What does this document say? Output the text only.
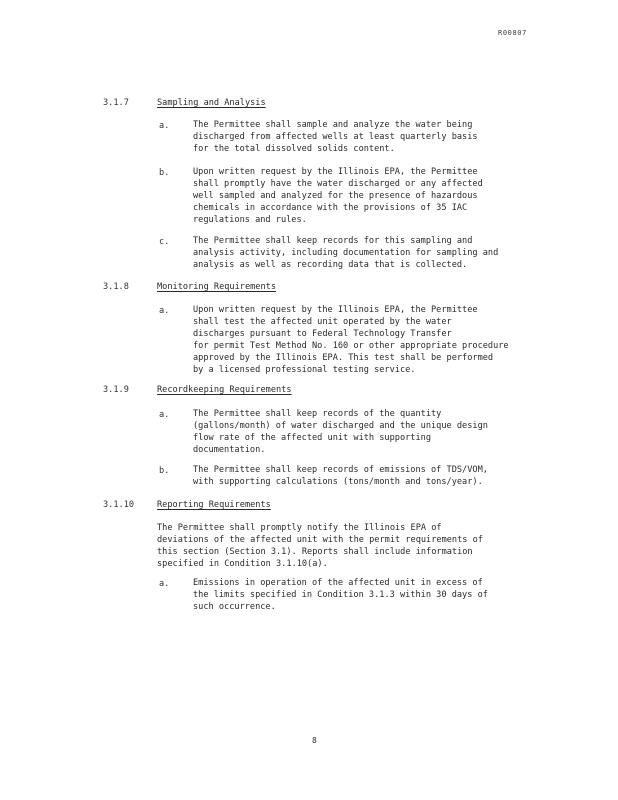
R00807
3.1.7	Sampling and Analysis
a.	The Permittee shall sample and analyze the water being
discharged from affected wells at least quarterly basis
for the total dissolved solids content.
b.	Upon written request by the Illinois EPA, the Permittee
shall promptly have the water discharged or any affected
well sampled and analyzed for the presence of hazardous
chemicals in accordance with the provisions of 35 IAC
regulations and rules.
c.	The Permittee shall keep records for this sampling and
analysis activity, including documentation for sampling and
analysis as well as recording data that is collected.
3.1.8	Monitoring Requirements
a.	Upon written request by the Illinois EPA, the Permittee
shall test the affected unit operated by the water
discharges pursuant to Federal Technology Transfer
for permit Test Method No. 160 or other appropriate procedure
approved by the Illinois EPA. This test shall be performed
by a licensed professional testing service.
3.1.9	Recordkeeping Requirements
a.	The Permittee shall keep records of the quantity
(gallons/month) of water discharged and the unique design
flow rate of the affected unit with supporting
documentation.
b.	The Permittee shall keep records of emissions of TDS/VOM,
with supporting calculations (tons/month and tons/year).
3.1.10	Reporting Requirements
The Permittee shall promptly notify the Illinois EPA of
deviations of the affected unit with the permit requirements of
this section (Section 3.1). Reports shall include information
specified in Condition 3.1.10(a).
a.	Emissions in operation of the affected unit in excess of
the limits specified in Condition 3.1.3 within 30 days of
such occurrence.
8
